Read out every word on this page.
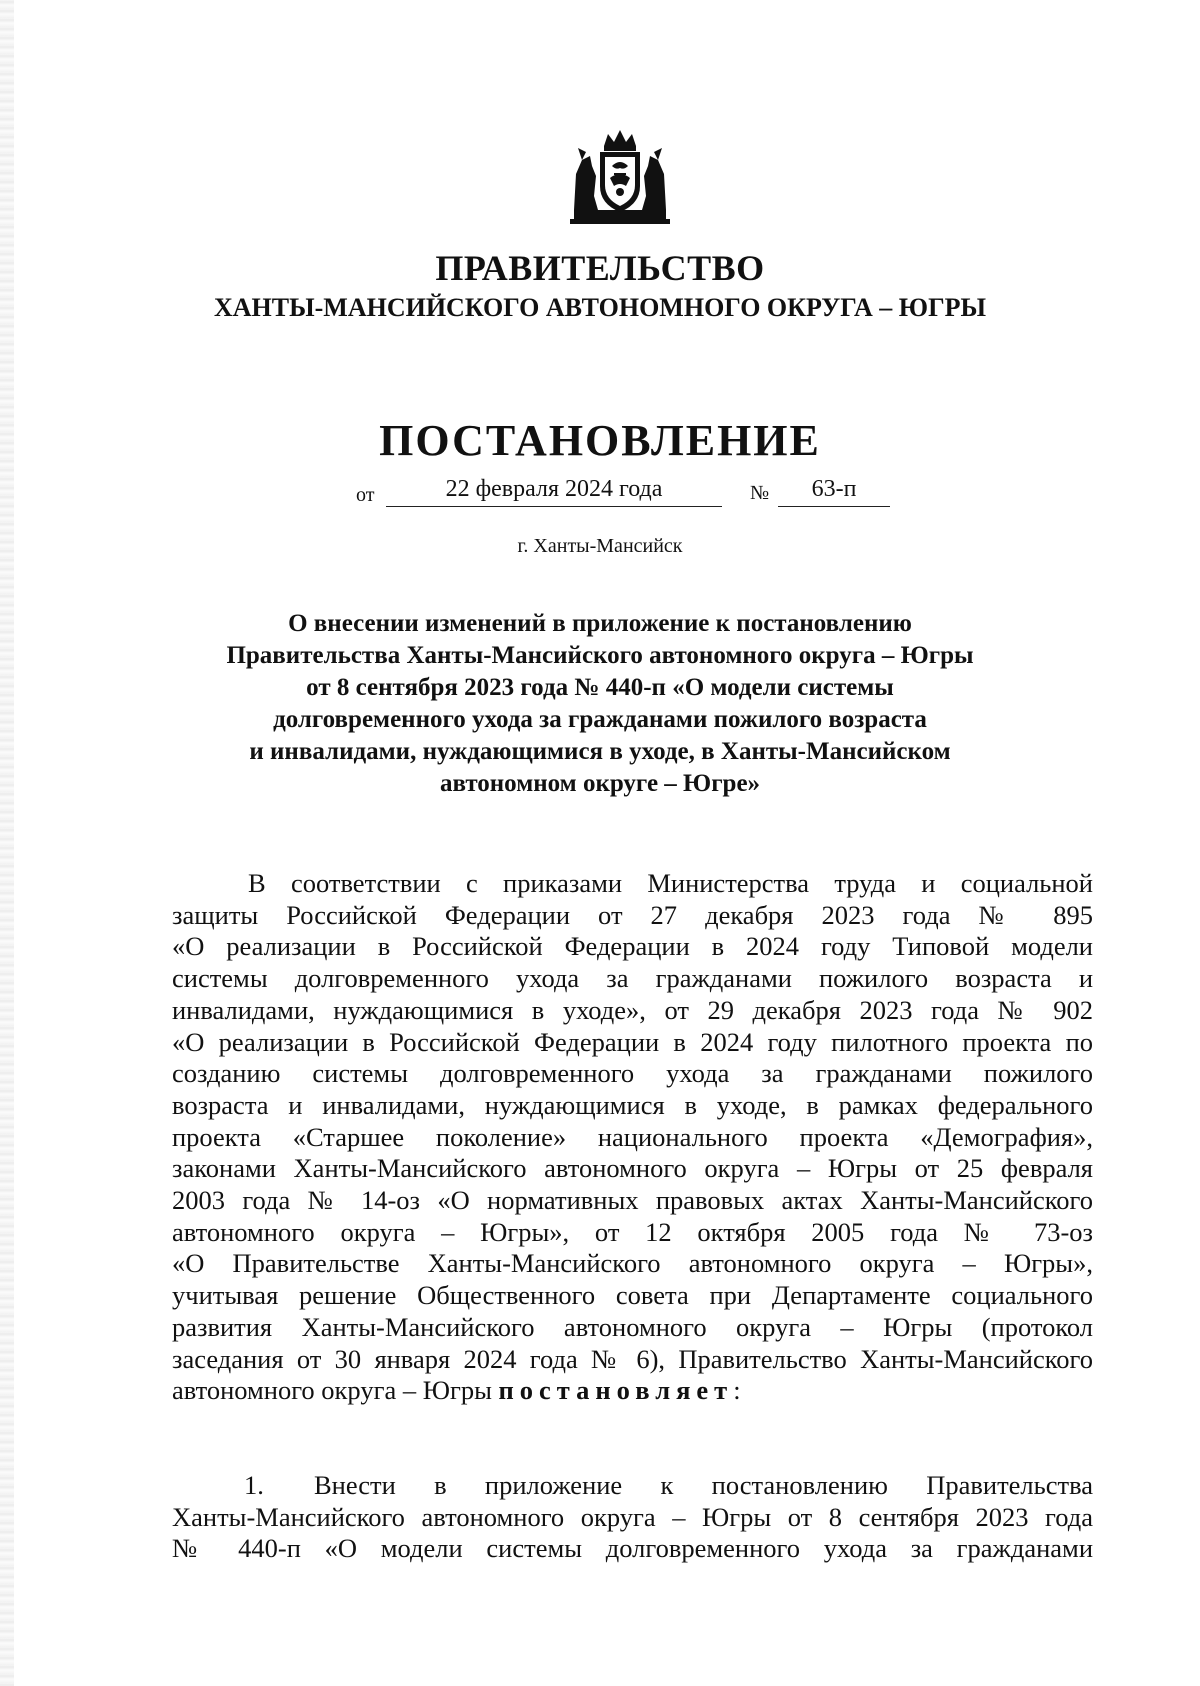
ПРАВИТЕЛЬСТВО
ХАНТЫ-МАНСИЙСКОГО АВТОНОМНОГО ОКРУГА – ЮГРЫ
ПОСТАНОВЛЕНИЕ
от	22 февраля 2024 года	№	63-п
г. Ханты-Мансийск
О внесении изменений в приложение к постановлению
Правительства Ханты-Мансийского автономного округа – Югры
от 8 сентября 2023 года № 440-п «О модели системы
долговременного ухода за гражданами пожилого возраста
и инвалидами, нуждающимися в уходе, в Ханты-Мансийском
автономном округе – Югре»
В соответствии с приказами Министерства труда и социальной
защиты Российской Федерации от 27 декабря 2023 года № 895
«О реализации в Российской Федерации в 2024 году Типовой модели
системы долговременного ухода за гражданами пожилого возраста и
инвалидами, нуждающимися в уходе», от 29 декабря 2023 года № 902
«О реализации в Российской Федерации в 2024 году пилотного проекта по
созданию системы долговременного ухода за гражданами пожилого
возраста и инвалидами, нуждающимися в уходе, в рамках федерального
проекта «Старшее поколение» национального проекта «Демография»,
законами Ханты-Мансийского автономного округа – Югры от 25 февраля
2003 года № 14-оз «О нормативных правовых актах Ханты-Мансийского
автономного округа – Югры», от 12 октября 2005 года № 73-оз
«О Правительстве Ханты-Мансийского автономного округа – Югры»,
учитывая решение Общественного совета при Департаменте социального
развития Ханты-Мансийского автономного округа – Югры (протокол
заседания от 30 января 2024 года № 6), Правительство Ханты-Мансийского
автономного округа – Югры постановляет:
1. Внести в приложение к постановлению Правительства
Ханты-Мансийского автономного округа – Югры от 8 сентября 2023 года
№ 440-п «О модели системы долговременного ухода за гражданами
